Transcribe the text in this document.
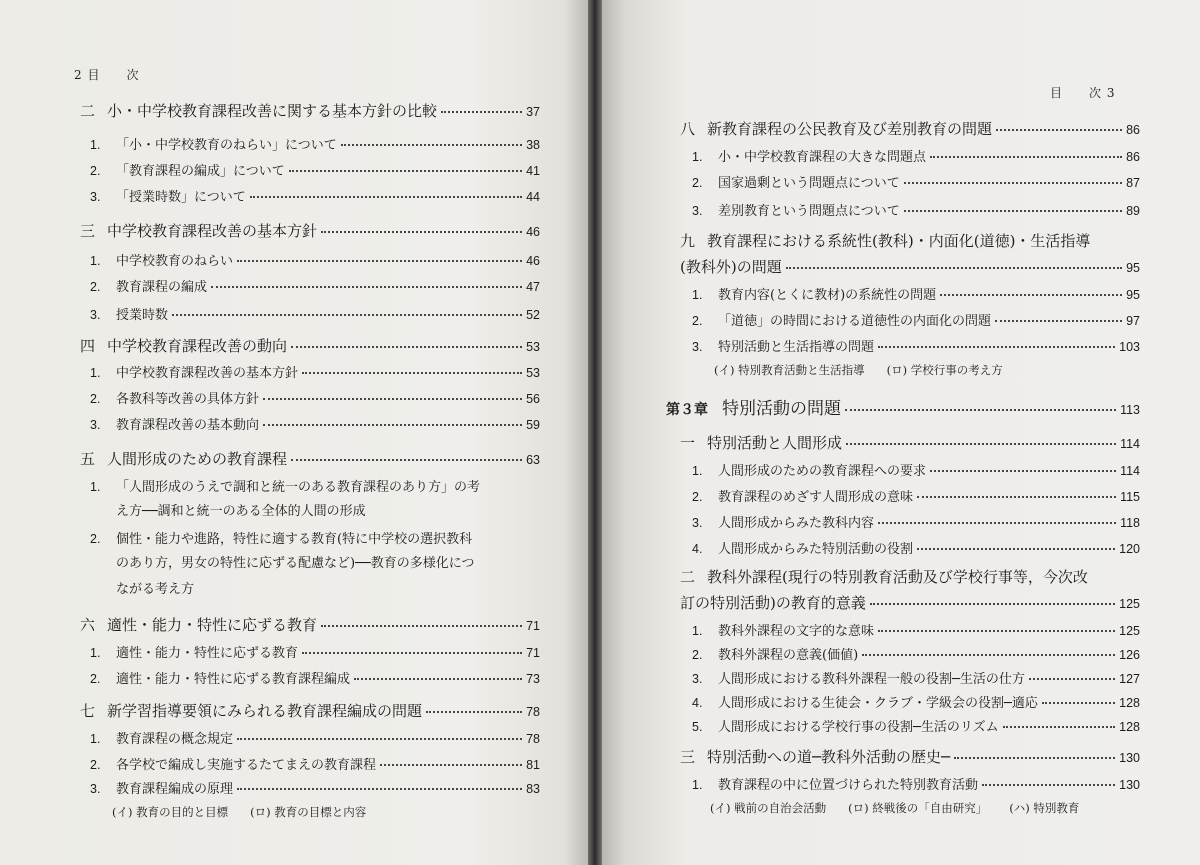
2 目　　次
二 小・中学校教育課程改善に関する基本方針の比較	37
1.	「小・中学校教育のねらい」について	38
2.	「教育課程の編成」について	41
3.	「授業時数」について	44
三 中学校教育課程改善の基本方針	46
1.	中学校教育のねらい	46
2.	教育課程の編成	47
3.	授業時数	52
四 中学校教育課程改善の動向	53
1.	中学校教育課程改善の基本方針	53
2.	各教科等改善の具体方針	56
3.	教育課程改善の基本動向	59
五 人間形成のための教育課程	63
1.	「人間形成のうえで調和と統一のある教育課程のあり方」の考
え方──調和と統一のある全体的人間の形成
2.	個性・能力や進路，特性に適する教育(特に中学校の選択教科
のあり方，男女の特性に応ずる配慮など)──教育の多様化につ
ながる考え方
六 適性・能力・特性に応ずる教育	71
1.	適性・能力・特性に応ずる教育	71
2.	適性・能力・特性に応ずる教育課程編成	73
七 新学習指導要領にみられる教育課程編成の問題	78
1.	教育課程の概念規定	78
2.	各学校で編成し実施するたてまえの教育課程	81
3.	教育課程編成の原理	83
(イ) 教育の目的と目標 (ロ) 教育の目標と内容
目　　次 3
八 新教育課程の公民教育及び差別教育の問題	86
1.	小・中学校教育課程の大きな問題点	86
2.	国家過剰という問題点について	87
3.	差別教育という問題点について	89
九 教育課程における系統性(教科)・内面化(道徳)・生活指導
(教科外)の問題	95
1.	教育内容(とくに教材)の系統性の問題	95
2.	「道徳」の時間における道徳性の内面化の問題	97
3.	特別活動と生活指導の問題	103
(イ) 特別教育活動と生活指導 (ロ) 学校行事の考え方
第３章 特別活動の問題	113
一 特別活動と人間形成	114
1.	人間形成のための教育課程への要求	114
2.	教育課程のめざす人間形成の意味	115
3.	人間形成からみた教科内容	118
4.	人間形成からみた特別活動の役割	120
二 教科外課程(現行の特別教育活動及び学校行事等，今次改
訂の特別活動)の教育的意義	125
1.	教科外課程の文字的な意味	125
2.	教科外課程の意義(価値)	126
3.	人間形成における教科外課程一般の役割─生活の仕方	127
4.	人間形成における生徒会・クラブ・学級会の役割─適応	128
5.	人間形成における学校行事の役割─生活のリズム	128
三 特別活動への道─教科外活動の歴史─	130
1.	教育課程の中に位置づけられた特別教育活動	130
(イ) 戦前の自治会活動 (ロ) 終戦後の「自由研究」 (ハ) 特別教育
